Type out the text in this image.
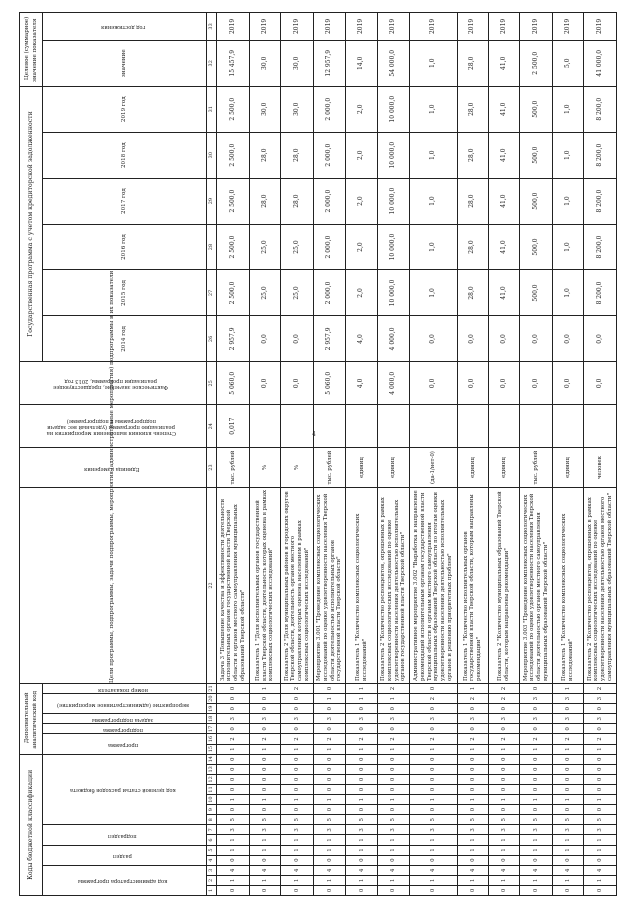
4
Коды бюджетной классификации														Дополнительный аналитический код							Цели программы, подпрограммы, задачи подпрограммы, мероприятия (административные мероприятия) подпрограммы и их показатели	Единица измерения	Степень влияния выполнения мероприятия на реализацию программы (удельный вес задачи подпрограммы в подпрограмме)	Фактическое значение, предшествующее реализации программы, 2013 год	Государственная программа с учетом кредиторской задолженности						Целевое (суммарное) значение показателя	
код администратора программы			раздел		подраздел		код целевой статьи расходов бюджета							программа		подпрограмма	задача подпрограммы	мероприятие (административное мероприятие)		номер показателя					2014 год	2015 год	2016 год	2017 год	2018 год	2019 год	значение	год достижения
1	2	3	4	5	6	7	8	9	10	11	12	13	14	15	16	17	18	19	20	21	22	23	24	25	26	27	28	29	30	31	32	33
0	1	4	0	1	1	3	5	0	1	0	0	0	0	1	2	0	3	0	0	0	Задача 3 "Повышение качества и эффективности деятельности исполнительных органов государственной власти Тверской области и органов местного самоуправления муниципальных образований Тверской области"	тыс. рублей	0,017	5 060,0	2 957,9	2 500,0	2 500,0	2 500,0	2 500,0	2 500,0	15 457,9	2019
0	1	4	0	1	1	3	5	0	1	0	0	0	0	1	2	0	3	0	0	1	Показатель 1 "Доля исполнительных органов государственной власти Тверской области, деятельность которых оценена в рамках комплексных социологических исследований"	%		0,0	0,0	25,0	25,0	28,0	28,0	30,0	30,0	2019
0	1	4	0	1	1	3	5	0	1	0	0	0	0	1	2	0	3	0	0	2	Показатель 2 "Доля муниципальных районов и городских округов Тверской области, деятельность органов местного самоуправления которых оценена населением в рамках комплексных социологических исследований"	%		0,0	0,0	25,0	25,0	28,0	28,0	30,0	30,0	2019
0	1	4	0	1	1	3	5	0	1	0	0	0	0	1	2	0	3	0	1	0	Мероприятие 3.001 "Проведение комплексных социологических исследований по оценке удовлетворенности населения Тверской области деятельностью исполнительных органов государственной власти Тверской области"	тыс. рублей		5 060,0	2 957,9	2 000,0	2 000,0	2 000,0	2 000,0	2 000,0	12 957,9	2019
0	1	4	0	1	1	3	5	0	1	0	0	0	0	1	2	0	3	0	1	1	Показатель 1 "Количество комплексных социологических исследований"	единиц		4,0	4,0	2,0	2,0	2,0	2,0	2,0	14,0	2019
0	1	4	0	1	1	3	5	0	1	0	0	0	0	1	2	0	3	0	1	2	Показатель 2 "Количество респондентов, опрошенных в рамках комплексных социологических исследований по оценке удовлетворенности населения деятельностью исполнительных органов государственной власти Тверской области"	единиц		4 000,0	4 000,0	10 000,0	10 000,0	10 000,0	10 000,0	10 000,0	54 000,0	2019
0	1	4	0	1	1	3	5	0	1	0	0	0	0	1	2	0	3	0	2	0	Административное мероприятие 3.002 "Выработка и направление рекомендаций исполнительным органам государственной власти Тверской области и органам местного самоуправления муниципальных образований Тверской области по итогам оценки удовлетворенности населения деятельностью исполнительных органов и решению приоритетных проблем"	(да-1/нет-0)		0,0	0,0	1,0	1,0	1,0	1,0	1,0	1,0	2019
0	1	4	0	1	1	3	5	0	1	0	0	0	0	1	2	0	3	0	2	1	Показатель 1 "Количество исполнительных органов государственной власти Тверской области, которым направлены рекомендации"	единиц		0,0	0,0	28,0	28,0	28,0	28,0	28,0	28,0	2019
0	1	4	0	1	1	3	5	0	1	0	0	0	0	1	2	0	3	0	2	2	Показатель 2 "Количество муниципальных образований Тверской области, которым направлены рекомендации"	единиц		0,0	0,0	41,0	41,0	41,0	41,0	41,0	41,0	2019
0	1	4	0	1	1	3	5	0	1	0	0	0	0	1	2	0	3	0	3	0	Мероприятие 3.003 "Проведение комплексных социологических исследований по оценке удовлетворенности населения Тверской области деятельностью органов местного самоуправления муниципальных образований Тверской области"	тыс. рублей		0,0	0,0	500,0	500,0	500,0	500,0	500,0	2 500,0	2019
0	1	4	0	1	1	3	5	0	1	0	0	0	0	1	2	0	3	0	3	1	Показатель 1 "Количество комплексных социологических исследований"	единиц		0,0	0,0	1,0	1,0	1,0	1,0	1,0	5,0	2019
0	1	4	0	1	1	3	5	0	1	0	0	0	0	1	2	0	3	0	3	2	Показатель 2 "Количество респондентов, опрошенных в рамках комплексных социологических исследований по оценке удовлетворенности населения деятельностью органов местного самоуправления муниципальных образований Тверской области"	человек		0,0	0,0	8 200,0	8 200,0	8 200,0	8 200,0	8 200,0	41 000,0	2019
